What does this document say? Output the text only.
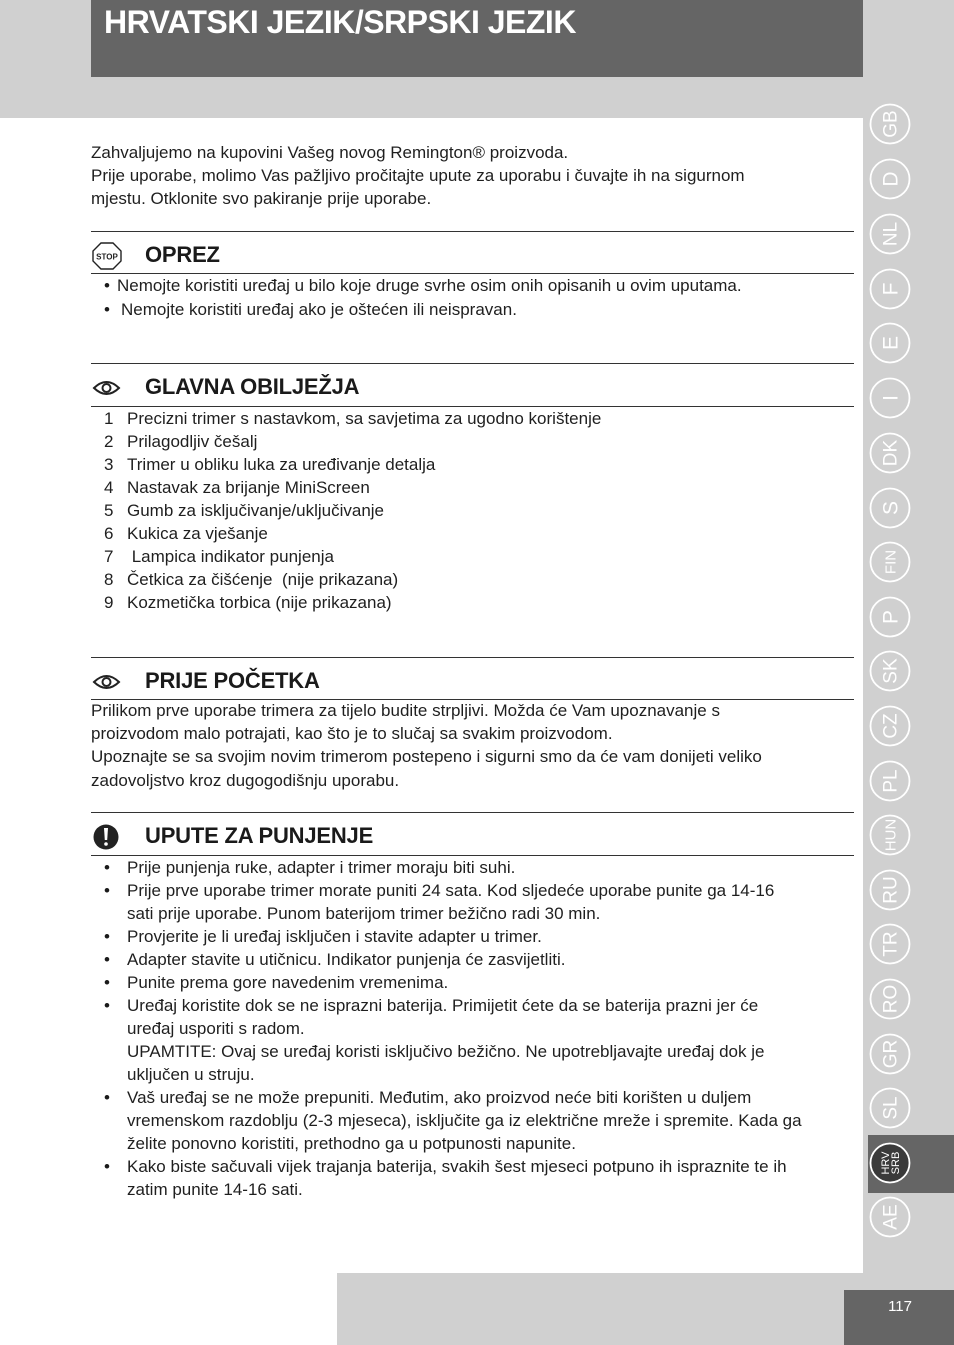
HRVATSKI JEZIK/SRPSKI JEZIK
Zahvaljujemo na kupovini Vašeg novog Remington® proizvoda.
Prije uporabe, molimo Vas pažljivo pročitajte upute za uporabu i čuvajte ih na sigurnom
mjestu. Otklonite svo pakiranje prije uporabe.
STOP OPREZ
• Nemojte koristiti uređaj u bilo koje druge svrhe osim onih opisanih u ovim uputama.
• Nemojte koristiti uređaj ako je oštećen ili neispravan.
GLAVNA OBILJEŽJA
1 Precizni trimer s nastavkom, sa savjetima za ugodno korištenje
2 Prilagodljiv češalj
3 Trimer u obliku luka za uređivanje detalja
4 Nastavak za brijanje MiniScreen
5 Gumb za isključivanje/uključivanje
6 Kukica za vješanje
7 Lampica indikator punjenja
8 Četkica za čišćenje  (nije prikazana)
9 Kozmetička torbica (nije prikazana)
PRIJE POČETKA
Prilikom prve uporabe trimera za tijelo budite strpljivi. Možda će Vam upoznavanje s
proizvodom malo potrajati, kao što je to slučaj sa svakim proizvodom.
Upoznajte se sa svojim novim trimerom postepeno i sigurni smo da će vam donijeti veliko
zadovoljstvo kroz dugogodišnju uporabu.
UPUTE ZA PUNJENJE
• Prije punjenja ruke, adapter i trimer moraju biti suhi.
• Prije prve uporabe trimer morate puniti 24 sata. Kod sljedeće uporabe punite ga 14-16
sati prije uporabe. Punom baterijom trimer bežično radi 30 min.
• Provjerite je li uređaj isključen i stavite adapter u trimer.
• Adapter stavite u utičnicu. Indikator punjenja će zasvijetliti.
• Punite prema gore navedenim vremenima.
• Uređaj koristite dok se ne isprazni baterija. Primijetit ćete da se baterija prazni jer će
uređaj usporiti s radom.
UPAMTITE: Ovaj se uređaj koristi isključivo bežično. Ne upotrebljavajte uređaj dok je
uključen u struju.
• Vaš uređaj se ne može prepuniti. Međutim, ako proizvod neće biti korišten u duljem
vremenskom razdoblju (2-3 mjeseca), isključite ga iz električne mreže i spremite. Kada ga
želite ponovno koristiti, prethodno ga u potpunosti napunite.
• Kako biste sačuvali vijek trajanja baterija, svakih šest mjeseci potpuno ih ispraznite te ih
zatim punite 14-16 sati.
GB
D
NL
F
E
I
DK
S
FIN
P
SK
CZ
PL
HUN
RU
TR
RO
GR
SL
HRV
SRB
AE
117
